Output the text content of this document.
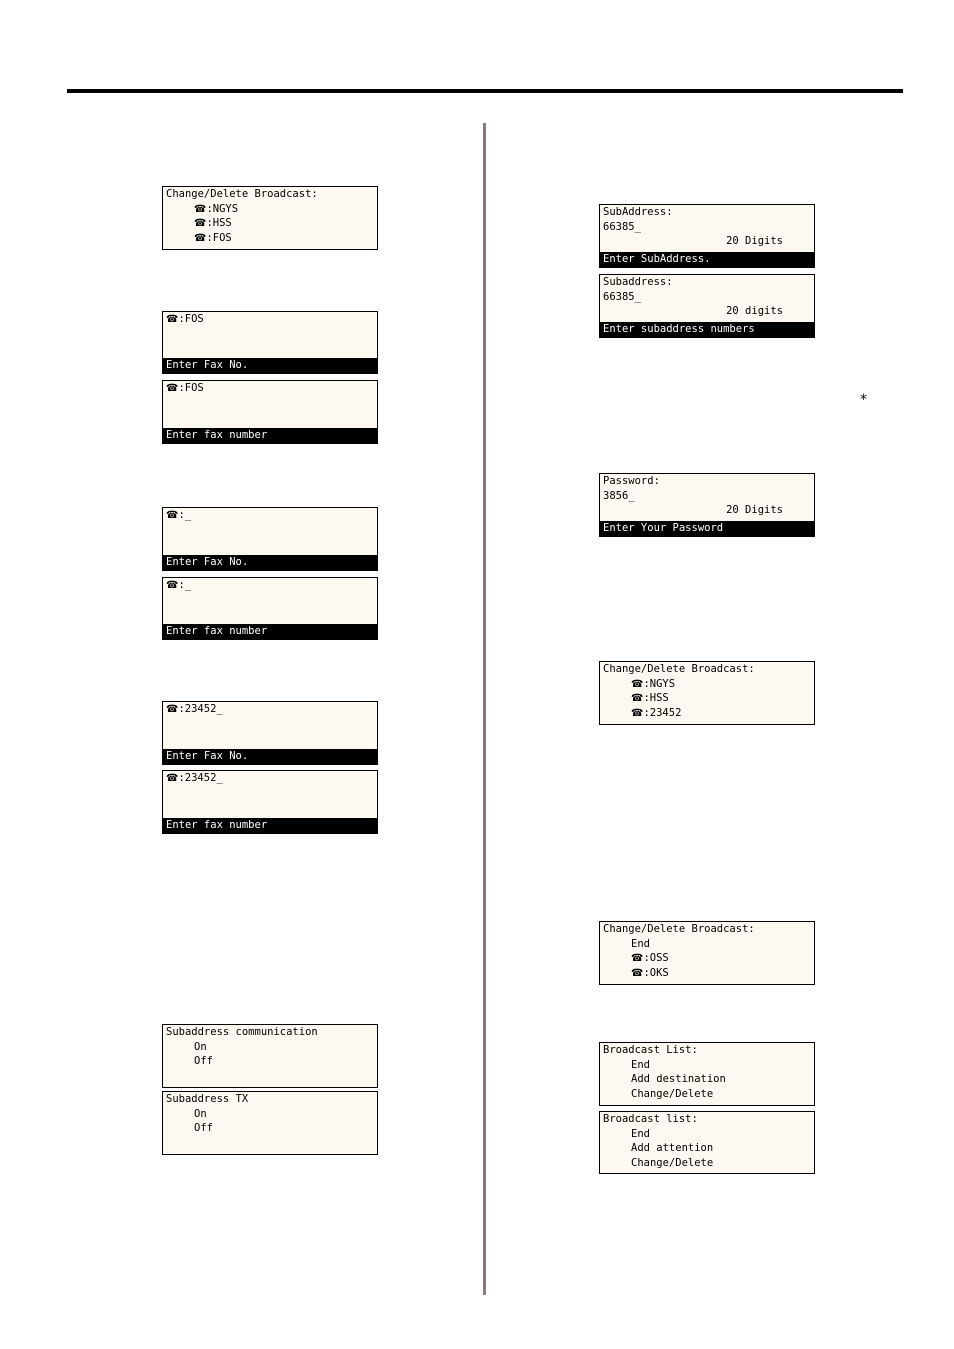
Change/Delete Broadcast:
☎:NGYS
☎:HSS
☎:FOS
☎:FOS
Enter Fax No.
☎:FOS
Enter fax number
☎:_
Enter Fax No.
☎:_
Enter fax number
☎:23452_
Enter Fax No.
☎:23452_
Enter fax number
Subaddress communication
On
Off
Subaddress TX
On
Off
SubAddress:
66385_
20 Digits
Enter SubAddress.
Subaddress:
66385_
20 digits
Enter subaddress numbers
*
Password:
3856_
20 Digits
Enter Your Password
Change/Delete Broadcast:
☎:NGYS
☎:HSS
☎:23452
Change/Delete Broadcast:
End
☎:OSS
☎:OKS
Broadcast List:
End
Add destination
Change/Delete
Broadcast list:
End
Add attention
Change/Delete
